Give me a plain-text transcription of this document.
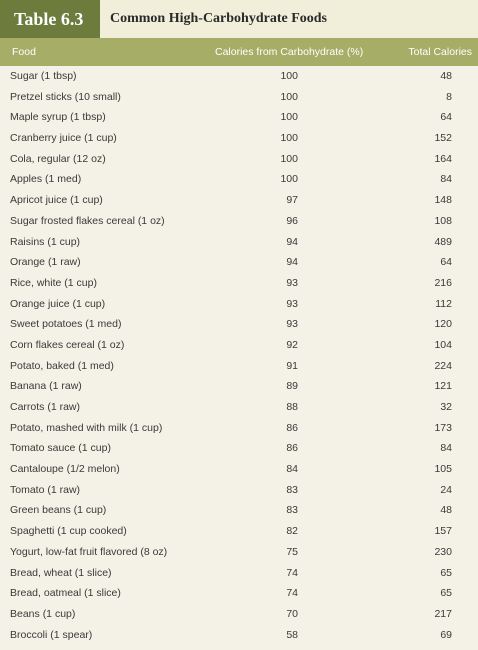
Table 6.3	Common High-Carbohydrate Foods
Food	Calories from Carbohydrate (%)	Total Calories
Sugar (1 tbsp)	100	48
Pretzel sticks (10 small)	100	8
Maple syrup (1 tbsp)	100	64
Cranberry juice (1 cup)	100	152
Cola, regular (12 oz)	100	164
Apples (1 med)	100	84
Apricot juice (1 cup)	97	148
Sugar frosted flakes cereal (1 oz)	96	108
Raisins (1 cup)	94	489
Orange (1 raw)	94	64
Rice, white (1 cup)	93	216
Orange juice (1 cup)	93	112
Sweet potatoes (1 med)	93	120
Corn flakes cereal (1 oz)	92	104
Potato, baked (1 med)	91	224
Banana (1 raw)	89	121
Carrots (1 raw)	88	32
Potato, mashed with milk (1 cup)	86	173
Tomato sauce (1 cup)	86	84
Cantaloupe (1/2 melon)	84	105
Tomato (1 raw)	83	24
Green beans (1 cup)	83	48
Spaghetti (1 cup cooked)	82	157
Yogurt, low-fat fruit flavored (8 oz)	75	230
Bread, wheat (1 slice)	74	65
Bread, oatmeal (1 slice)	74	65
Beans (1 cup)	70	217
Broccoli (1 spear)	58	69
